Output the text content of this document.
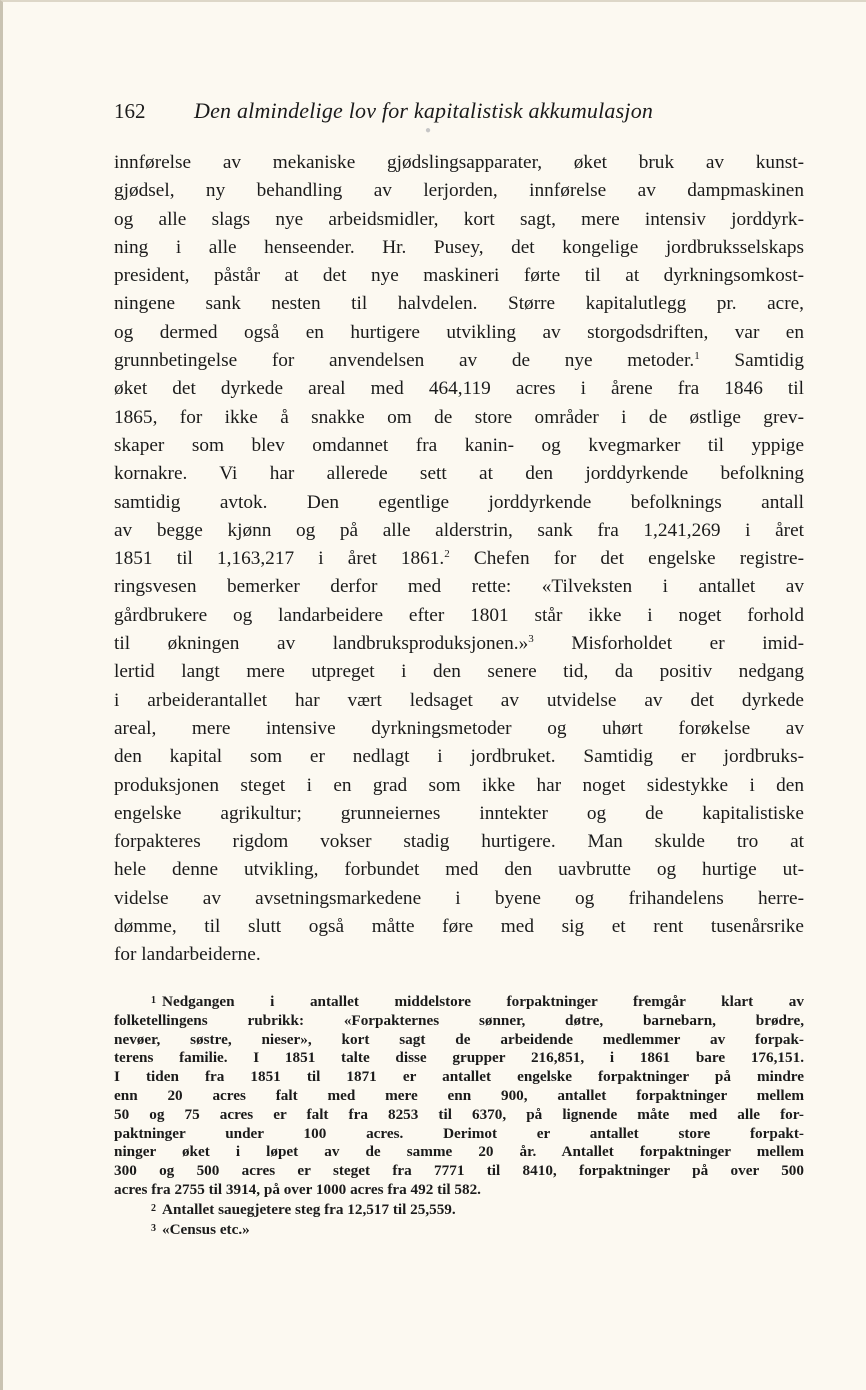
162 Den almindelige lov for kapitalistisk akkumulasjon
●
innførelse av mekaniske gjødslingsapparater, øket bruk av kunst-
gjødsel, ny behandling av lerjorden, innførelse av dampmaskinen
og alle slags nye arbeidsmidler, kort sagt, mere intensiv jorddyrk-
ning i alle henseender. Hr. Pusey, det kongelige jordbruksselskaps
president, påstår at det nye maskineri førte til at dyrkningsomkost-
ningene sank nesten til halvdelen. Større kapitalutlegg pr. acre,
og dermed også en hurtigere utvikling av storgodsdriften, var en
grunnbetingelse for anvendelsen av de nye metoder.$^1$ Samtidig
øket det dyrkede areal med 464,119 acres i årene fra 1846 til
1865, for ikke å snakke om de store områder i de østlige grev-
skaper som blev omdannet fra kanin- og kvegmarker til yppige
kornakre. Vi har allerede sett at den jorddyrkende befolkning
samtidig avtok. Den egentlige jorddyrkende befolknings antall
av begge kjønn og på alle alderstrin, sank fra 1,241,269 i året
1851 til 1,163,217 i året 1861.$^2$ Chefen for det engelske registre-
ringsvesen bemerker derfor med rette: «Tilveksten i antallet av
gårdbrukere og landarbeidere efter 1801 står ikke i noget forhold
til økningen av landbruksproduksjonen.»$^3$ Misforholdet er imid-
lertid langt mere utpreget i den senere tid, da positiv nedgang
i arbeiderantallet har vært ledsaget av utvidelse av det dyrkede
areal, mere intensive dyrkningsmetoder og uhørt forøkelse av
den kapital som er nedlagt i jordbruket. Samtidig er jordbruks-
produksjonen steget i en grad som ikke har noget sidestykke i den
engelske agrikultur; grunneiernes inntekter og de kapitalistiske
forpakteres rigdom vokser stadig hurtigere. Man skulde tro at
hele denne utvikling, forbundet med den uavbrutte og hurtige ut-
videlse av avsetningsmarkedene i byene og frihandelens herre-
dømme, til slutt også måtte føre med sig et rent tusenårsrike
for landarbeiderne.
1 Nedgangen i antallet middelstore forpaktninger fremgår klart av
folketellingens rubrikk: «Forpakternes sønner, døtre, barnebarn, brødre,
nevøer, søstre, nieser», kort sagt de arbeidende medlemmer av forpak-
terens familie. I 1851 talte disse grupper 216,851, i 1861 bare 176,151.
I tiden fra 1851 til 1871 er antallet engelske forpaktninger på mindre
enn 20 acres falt med mere enn 900, antallet forpaktninger mellem
50 og 75 acres er falt fra 8253 til 6370, på lignende måte med alle for-
paktninger under 100 acres. Derimot er antallet store forpakt-
ninger øket i løpet av de samme 20 år. Antallet forpaktninger mellem
300 og 500 acres er steget fra 7771 til 8410, forpaktninger på over 500
acres fra 2755 til 3914, på over 1000 acres fra 492 til 582.
2 Antallet sauegjetere steg fra 12,517 til 25,559.
3 «Census etc.»
